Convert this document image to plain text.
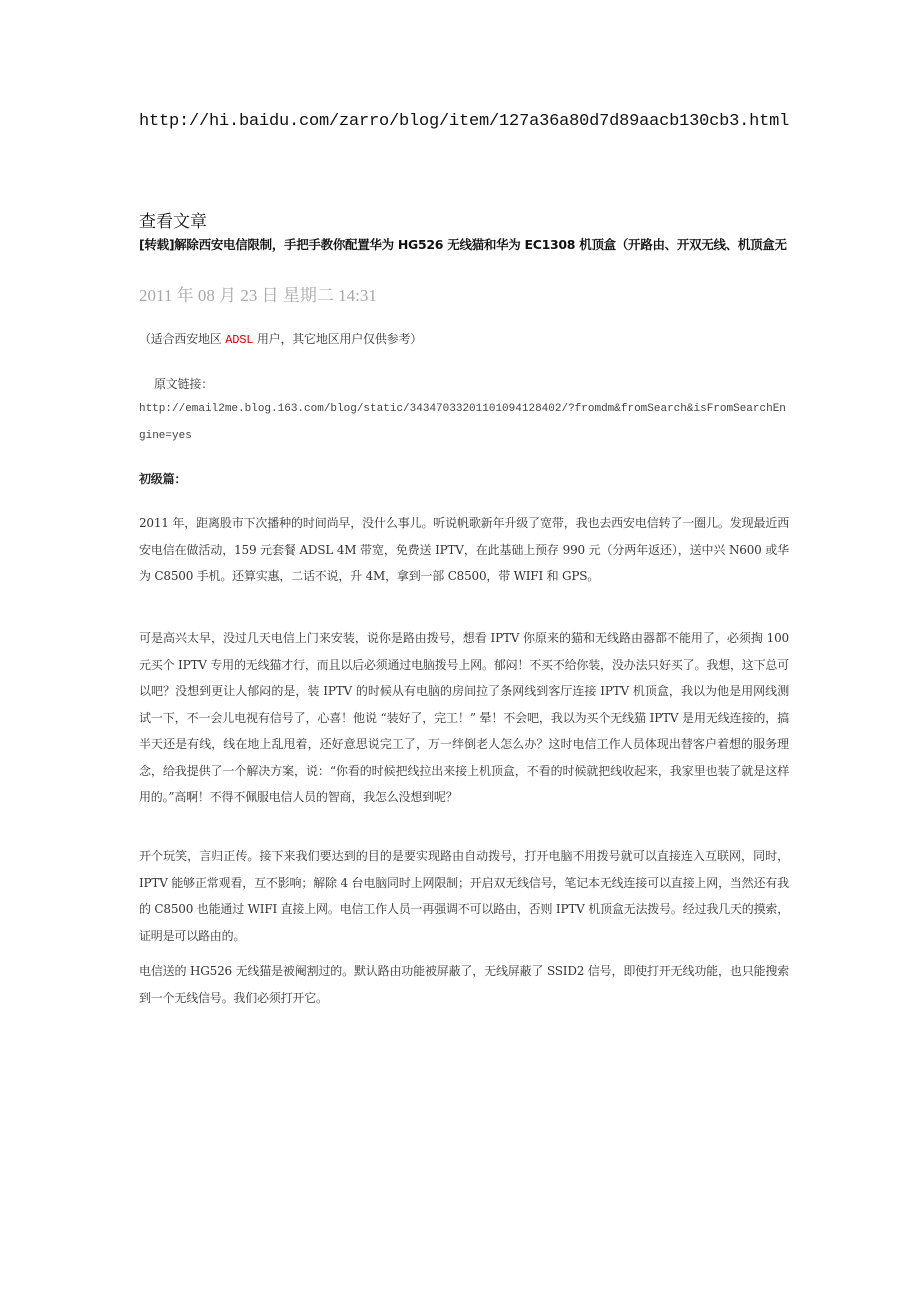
http://hi.baidu.com/zarro/blog/item/127a36a80d7d89aacb130cb3.html
查看文章
[转载]解除西安电信限制，手把手教你配置华为 HG526 无线猫和华为 EC1308 机顶盒（开路由、开双无线、机顶盒无
2011 年 08 月 23 日 星期二 14:31
（适合西安地区 ADSL 用户，其它地区用户仅供参考）
原文链接：
http://email2me.blog.163.com/blog/static/34347033201101094128402/?fromdm&fromSearch&isFromSearchEngine=yes
初级篇：

2011 年，距离股市下次播种的时间尚早，没什么事儿。听说帆歌新年升级了宽带，我也去西安电信转了一圈儿。发现最近西安电信在做活动，159 元套餐 ADSL 4M 带宽，免费送 IPTV，在此基础上预存 990 元（分两年返还），送中兴 N600 或华为 C8500 手机。还算实惠，二话不说，升 4M，拿到一部 C8500，带 WIFI 和 GPS。

可是高兴太早，没过几天电信上门来安装，说你是路由拨号，想看 IPTV 你原来的猫和无线路由器都不能用了，必须掏 100 元买个 IPTV 专用的无线猫才行，而且以后必须通过电脑拨号上网。郁闷！不买不给你装，没办法只好买了。我想，这下总可以吧？没想到更让人郁闷的是，装 IPTV 的时候从有电脑的房间拉了条网线到客厅连接 IPTV 机顶盒，我以为他是用网线测试一下，不一会儿电视有信号了，心喜！他说 “装好了，完工！” 晕！不会吧，我以为买个无线猫 IPTV 是用无线连接的，搞半天还是有线，线在地上乱甩着，还好意思说完工了，万一绊倒老人怎么办？这时电信工作人员体现出替客户着想的服务理念，给我提供了一个解决方案，说：“你看的时候把线拉出来接上机顶盒，不看的时候就把线收起来，我家里也装了就是这样用的。”高啊！不得不佩服电信人员的智商，我怎么没想到呢？

开个玩笑，言归正传。接下来我们要达到的目的是要实现路由自动拨号，打开电脑不用拨号就可以直接连入互联网，同时，IPTV 能够正常观看，互不影响；解除 4 台电脑同时上网限制；开启双无线信号，笔记本无线连接可以直接上网，当然还有我的 C8500 也能通过 WIFI 直接上网。电信工作人员一再强调不可以路由，否则 IPTV 机顶盒无法拨号。经过我几天的摸索，证明是可以路由的。

电信送的 HG526 无线猫是被阉割过的。默认路由功能被屏蔽了，无线屏蔽了 SSID2 信号，即使打开无线功能，也只能搜索到一个无线信号。我们必须打开它。
